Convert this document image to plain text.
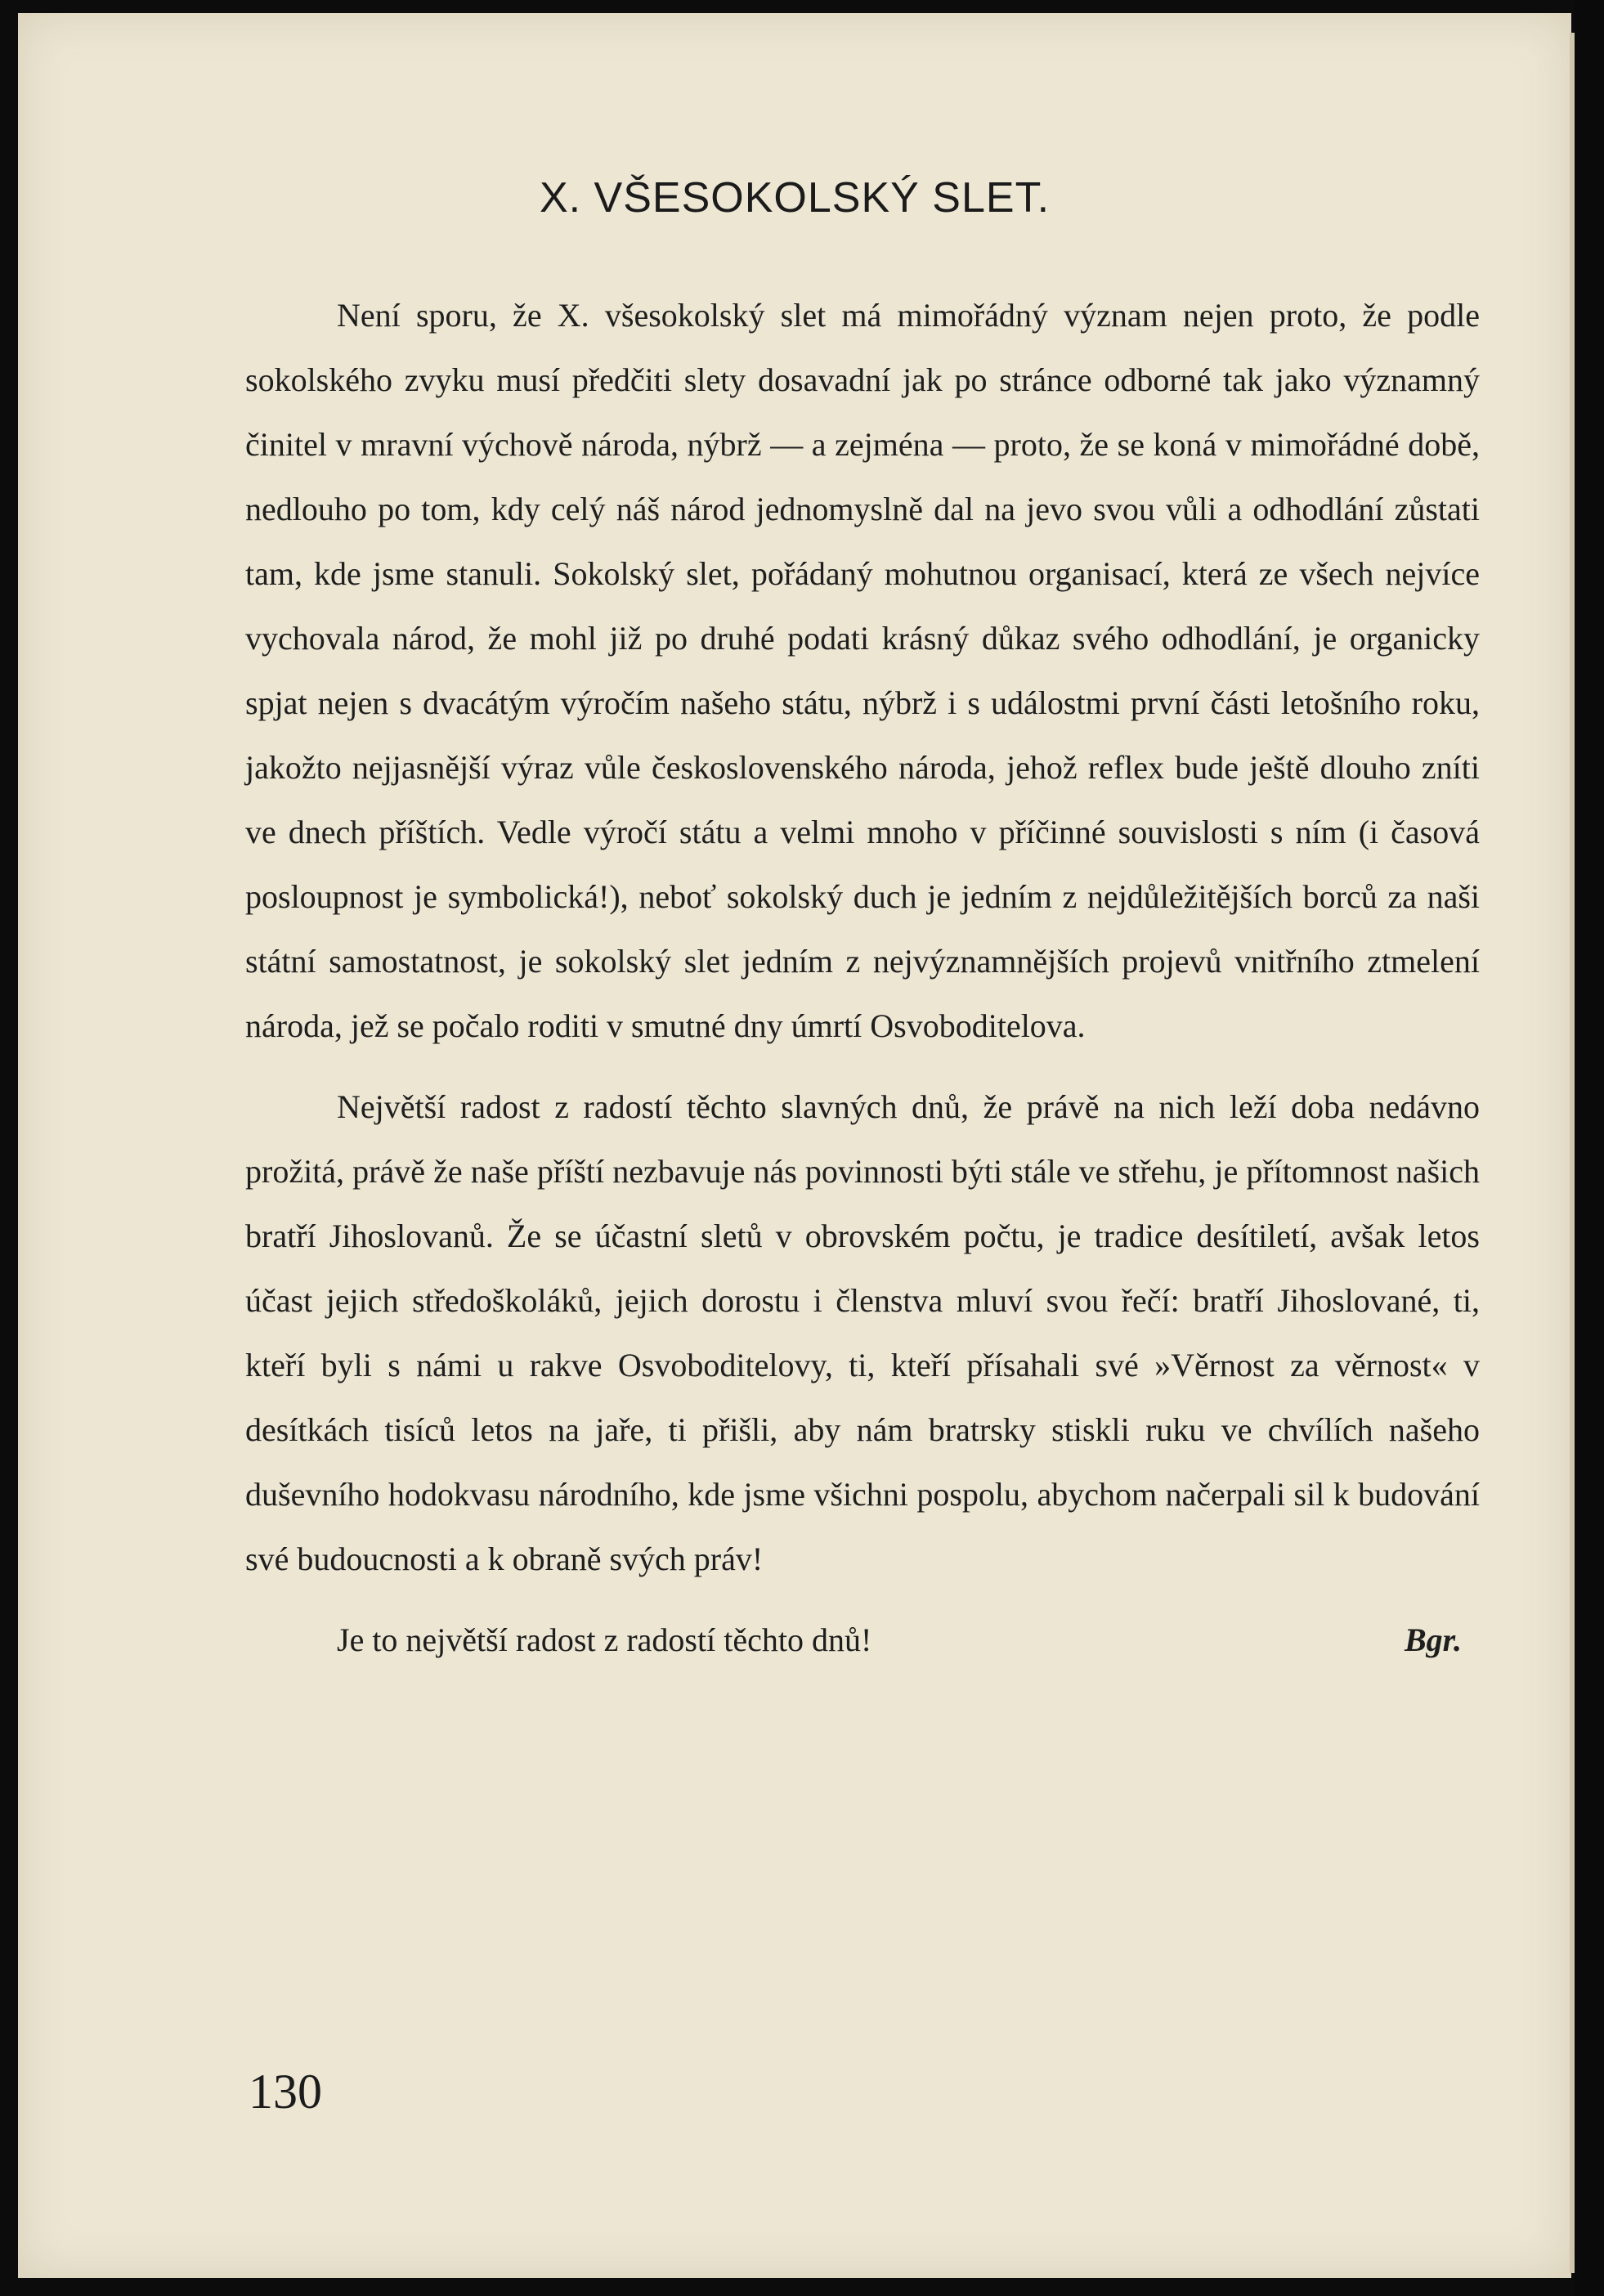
X. VŠESOKOLSKÝ SLET.

Není sporu, že X. všesokolský slet má mimořádný význam nejen proto, že podle sokolského zvyku musí předčiti slety dosavadní jak po stránce odborné tak jako významný činitel v mravní výchově národa, nýbrž — a zejména — proto, že se koná v mimořádné době, nedlouho po tom, kdy celý náš národ jednomyslně dal na jevo svou vůli a odhodlání zůstati tam, kde jsme stanuli. Sokolský slet, pořádaný mohutnou organisací, která ze všech nejvíce vychovala národ, že mohl již po druhé podati krásný důkaz svého odhodlání, je organicky spjat nejen s dvacátým výročím našeho státu, nýbrž i s událostmi první části letošního roku, jakožto nejjasnější výraz vůle československého národa, jehož reflex bude ještě dlouho zníti ve dnech příštích. Vedle výročí státu a velmi mnoho v příčinné souvislosti s ním (i časová posloupnost je symbolická!), neboť sokolský duch je jedním z nejdůležitějších borců za naši státní samostatnost, je sokolský slet jedním z nejvýznamnějších projevů vnitřního ztmelení národa, jež se počalo roditi v smutné dny úmrtí Osvoboditelova.

Největší radost z radostí těchto slavných dnů, že právě na nich leží doba nedávno prožitá, právě že naše příští nezbavuje nás povinnosti býti stále ve střehu, je přítomnost našich bratří Jihoslovanů. Že se účastní sletů v obrovském počtu, je tradice desítiletí, avšak letos účast jejich středoškoláků, jejich dorostu i členstva mluví svou řečí: bratří Jihoslované, ti, kteří byli s námi u rakve Osvoboditelovy, ti, kteří přísahali své »Věrnost za věrnost« v desítkách tisíců letos na jaře, ti přišli, aby nám bratrsky stiskli ruku ve chvílích našeho duševního hodokvasu národního, kde jsme všichni pospolu, abychom načerpali sil k budování své budoucnosti a k obraně svých práv!

Je to největší radost z radostí těchto dnů!	Bgr.
130
